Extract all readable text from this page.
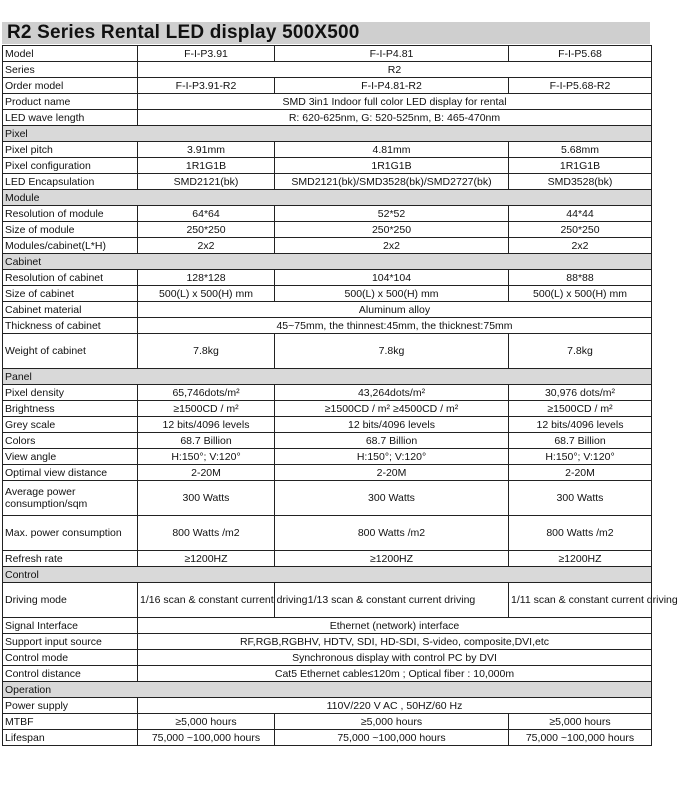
R2 Series Rental LED display 500X500
Model	F-I-P3.91	F-I-P4.81	F-I-P5.68
Series	R2		
Order model	F-I-P3.91-R2	F-I-P4.81-R2	F-I-P5.68-R2
Product name	SMD 3in1 Indoor full color LED display for rental		
LED wave length	R: 620-625nm, G: 520-525nm, B: 465-470nm		
Pixel			
Pixel pitch	3.91mm	4.81mm	5.68mm
Pixel configuration	1R1G1B	1R1G1B	1R1G1B
LED Encapsulation	SMD2121(bk)	SMD2121(bk)/SMD3528(bk)/SMD2727(bk)	SMD3528(bk)
Module			
Resolution of module	64*64	52*52	44*44
Size of module	250*250	250*250	250*250
Modules/cabinet(L*H)	2x2	2x2	2x2
Cabinet			
Resolution of cabinet	128*128	104*104	88*88
Size of cabinet	500(L) x 500(H) mm	500(L) x 500(H) mm	500(L) x 500(H) mm
Cabinet material	Aluminum alloy		
Thickness of cabinet	45~75mm, the thinnest:45mm, the thicknest:75mm		
Weight of cabinet	7.8kg	7.8kg	7.8kg
Panel			
Pixel density	65,746dots/m²	43,264dots/m²	30,976 dots/m²
Brightness	≥1500CD / m²	≥1500CD / m² ≥4500CD / m²	≥1500CD / m²
Grey scale	12 bits/4096 levels	12 bits/4096 levels	12 bits/4096 levels
Colors	68.7 Billion	68.7 Billion	68.7 Billion
View angle	H:150°; V:120°	H:150°; V:120°	H:150°; V:120°
Optimal view distance	2-20M	2-20M	2-20M
Average power consumption/sqm	300 Watts	300 Watts	300 Watts
Max. power consumption	800 Watts /m2	800 Watts /m2	800 Watts /m2
Refresh rate	≥1200HZ	≥1200HZ	≥1200HZ
Control			
Driving mode	1/16 scan & constant current driving	1/13 scan & constant current driving	1/11 scan & constant current driving
Signal Interface	Ethernet (network) interface		
Support input source	RF,RGB,RGBHV, HDTV, SDI, HD-SDI, S-video, composite,DVI,etc		
Control mode	Synchronous display with control PC by DVI		
Control distance	Cat5 Ethernet cable≤120m ; Optical fiber : 10,000m		
Operation			
Power supply	110V/220 V AC , 50HZ/60 Hz		
MTBF	≥5,000 hours	≥5,000 hours	≥5,000 hours
Lifespan	75,000 ~100,000 hours	75,000 ~100,000 hours	75,000 ~100,000 hours
